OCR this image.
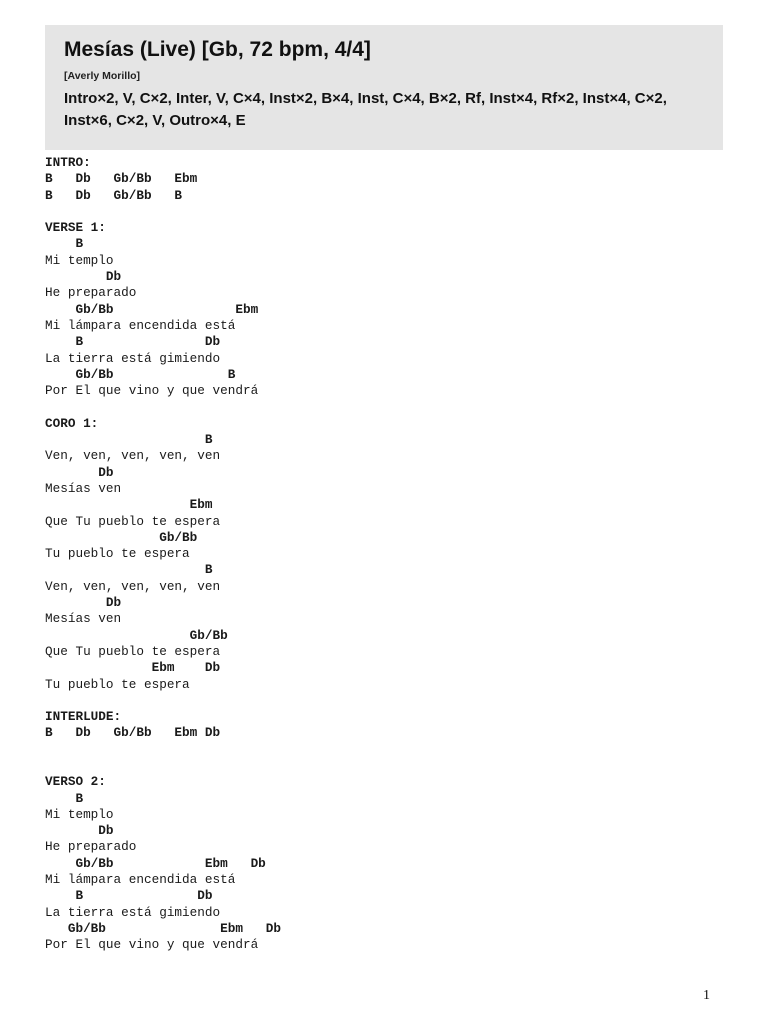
Mesías (Live) [Gb, 72 bpm, 4/4]
[Averly Morillo]
Intro×2, V, C×2, Inter, V, C×4, Inst×2, B×4, Inst, C×4, B×2, Rf, Inst×4, Rf×2, Inst×4, C×2, Inst×6, C×2, V, Outro×4, E
INTRO:
B   Db   Gb/Bb   Ebm
B   Db   Gb/Bb   B
VERSE 1:
B
Mi templo
Db
He preparado
Gb/Bb                Ebm
Mi lámpara encendida está
B                Db
La tierra está gimiendo
Gb/Bb               B
Por El que vino y que vendrá
CORO 1:
B
Ven, ven, ven, ven, ven
Db
Mesías ven
Ebm
Que Tu pueblo te espera
Gb/Bb
Tu pueblo te espera
B
Ven, ven, ven, ven, ven
Db
Mesías ven
Gb/Bb
Que Tu pueblo te espera
Ebm    Db
Tu pueblo te espera
INTERLUDE:
B   Db   Gb/Bb   Ebm Db
VERSO 2:
B
Mi templo
Db
He preparado
Gb/Bb            Ebm   Db
Mi lámpara encendida está
B               Db
La tierra está gimiendo
Gb/Bb               Ebm   Db
Por El que vino y que vendrá
1
